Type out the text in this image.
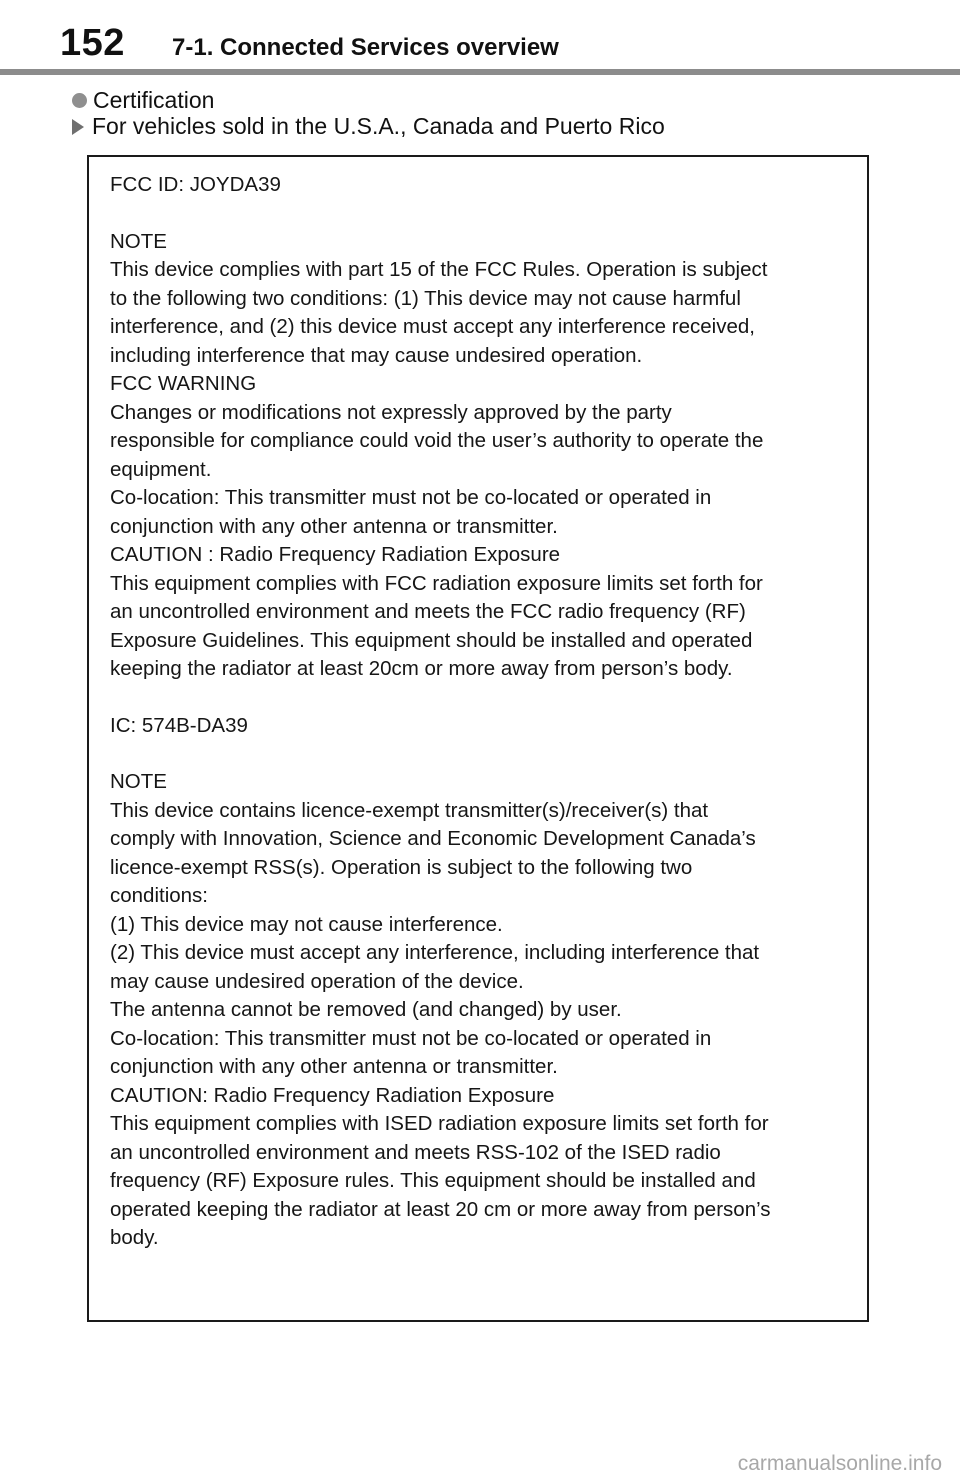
152 7-1. Connected Services overview
Certification
For vehicles sold in the U.S.A., Canada and Puerto Rico

FCC ID: JOYDA39

NOTE

This device complies with part 15 of the FCC Rules. Operation is subject

to the following two conditions: (1) This device may not cause harmful

interference, and (2) this device must accept any interference received,

including interference that may cause undesired operation.

FCC WARNING

Changes or modifications not expressly approved by the party

responsible for compliance could void the user’s authority to operate the

equipment.

Co-location: This transmitter must not be co-located or operated in

conjunction with any other antenna or transmitter.

CAUTION : Radio Frequency Radiation Exposure

This equipment complies with FCC radiation exposure limits set forth for

an uncontrolled environment and meets the FCC radio frequency (RF)

Exposure Guidelines. This equipment should be installed and operated

keeping the radiator at least 20cm or more away from person’s body.

IC: 574B-DA39

NOTE

This device contains licence-exempt transmitter(s)/receiver(s) that

comply with Innovation, Science and Economic Development Canada’s

licence-exempt RSS(s). Operation is subject to the following two

conditions:

(1) This device may not cause interference.

(2) This device must accept any interference, including interference that

may cause undesired operation of the device.

The antenna cannot be removed (and changed) by user.

Co-location: This transmitter must not be co-located or operated in

conjunction with any other antenna or transmitter.

CAUTION: Radio Frequency Radiation Exposure

This equipment complies with ISED radiation exposure limits set forth for

an uncontrolled environment and meets RSS-102 of the ISED radio

frequency (RF) Exposure rules. This equipment should be installed and

operated keeping the radiator at least 20 cm or more away from person’s

body.

carmanualsonline.info
